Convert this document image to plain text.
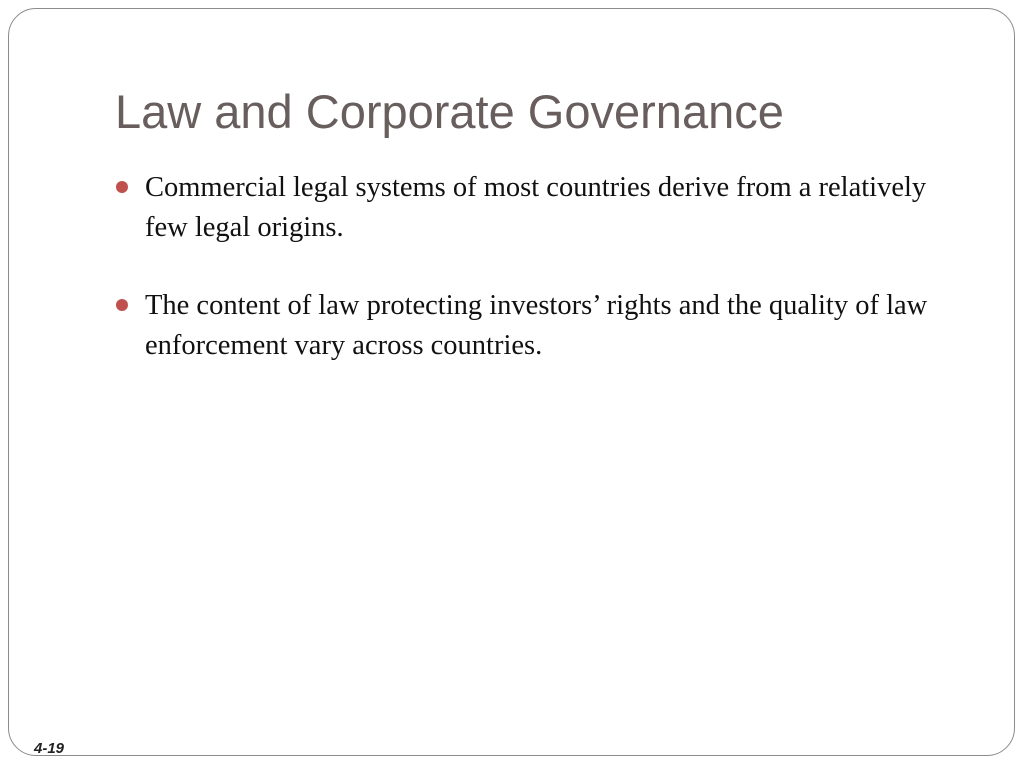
Law and Corporate Governance
Commercial legal systems of most countries derive from a relatively few legal origins.
The content of law protecting investors’ rights and the quality of law enforcement vary across countries.
4-19
